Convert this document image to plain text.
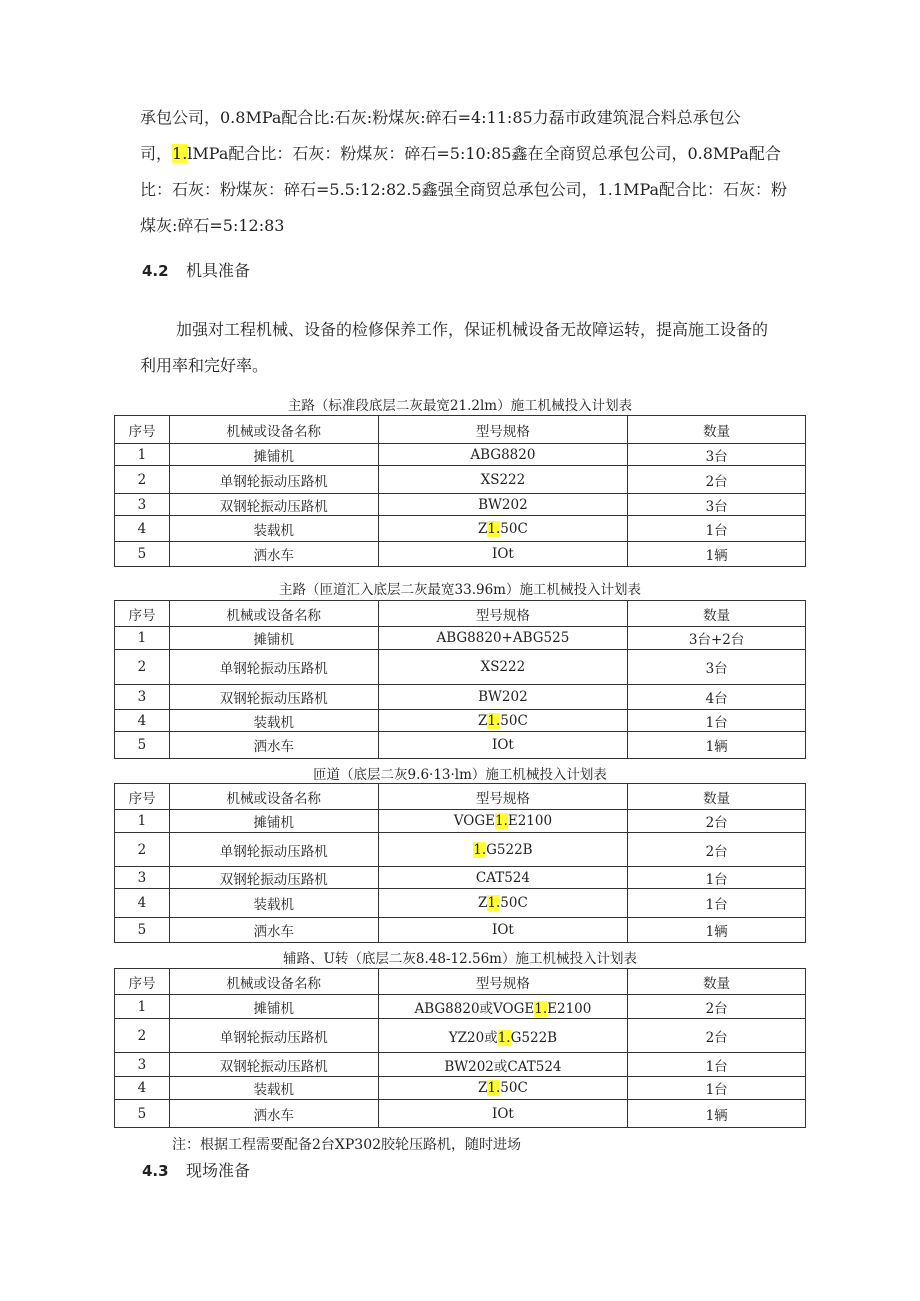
承包公司，0.8MPa配合比:石灰:粉煤灰:碎石=4:11:85力磊市政建筑混合料总承包公

司，1.lMPa配合比：石灰：粉煤灰：碎石=5:10:85鑫在全商贸总承包公司，0.8MPa配合

比：石灰：粉煤灰：碎石=5.5:12:82.5鑫强全商贸总承包公司，1.1MPa配合比：石灰：粉

煤灰:碎石=5:12:83

4.2 机具准备

加强对工程机械、设备的检修保养工作，保证机械设备无故障运转，提高施工设备的

利用率和完好率。

主路（标准段底层二灰最宽21.2lm）施工机械投入计划表
序号	机械或设备名称	型号规格	数量
1	摊铺机	ABG8820	3台
2	单钢轮振动压路机	XS222	2台
3	双钢轮振动压路机	BW202	3台
4	装载机	Z1.50C	1台
5	洒水车	IOt	1辆
主路（匝道汇入底层二灰最宽33.96m）施工机械投入计划表
序号	机械或设备名称	型号规格	数量
1	摊铺机	ABG8820+ABG525	3台+2台
2	单钢轮振动压路机	XS222	3台
3	双钢轮振动压路机	BW202	4台
4	装载机	Z1.50C	1台
5	洒水车	IOt	1辆
匝道（底层二灰9.6·13·lm）施工机械投入计划表
序号	机械或设备名称	型号规格	数量
1	摊铺机	VOGE1.E2100	2台
2	单钢轮振动压路机	1.G522B	2台
3	双钢轮振动压路机	CAT524	1台
4	装载机	Z1.50C	1台
5	洒水车	IOt	1辆
辅路、U转（底层二灰8.48-12.56m）施工机械投入计划表
序号	机械或设备名称	型号规格	数量
1	摊铺机	ABG8820或VOGE1.E2100	2台
2	单钢轮振动压路机	YZ20或1.G522B	2台
3	双钢轮振动压路机	BW202或CAT524	1台
4	装载机	Z1.50C	1台
5	洒水车	IOt	1辆
注：根据工程需要配备2台XP302胶轮压路机，随时进场
4.3 现场准备
